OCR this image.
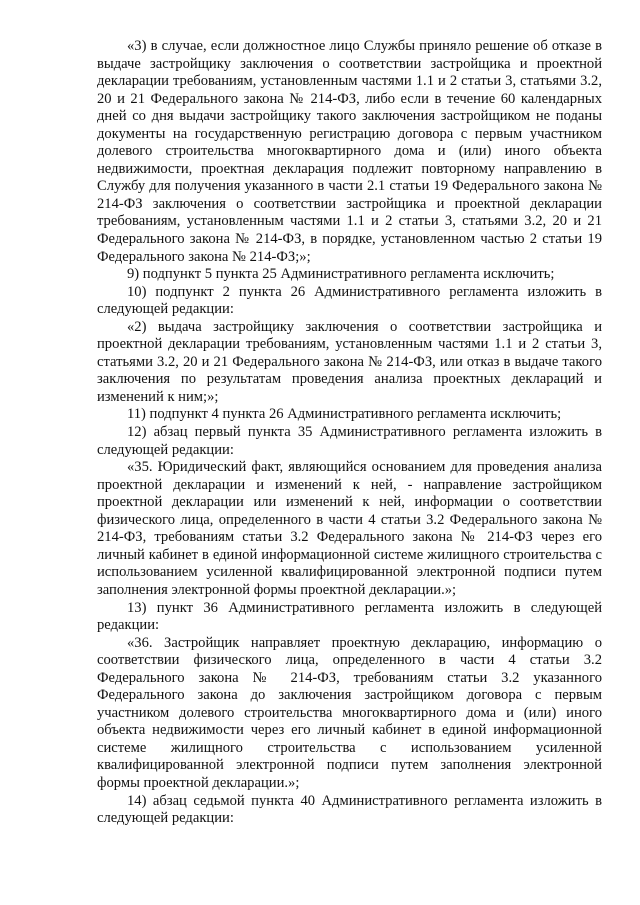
«3) в случае, если должностное лицо Службы приняло решение об отказе в выдаче застройщику заключения о соответствии застройщика и проектной декларации требованиям, установленным частями 1.1 и 2 статьи 3, статьями 3.2, 20 и 21 Федерального закона № 214-ФЗ, либо если в течение 60 календарных дней со дня выдачи застройщику такого заключения застройщиком не поданы документы на государственную регистрацию договора с первым участником долевого строительства многоквартирного дома и (или) иного объекта недвижимости, проектная декларация подлежит повторному направлению в Службу для получения указанного в части 2.1 статьи 19 Федерального закона № 214-ФЗ заключения о соответствии застройщика и проектной декларации требованиям, установленным частями 1.1 и 2 статьи 3, статьями 3.2, 20 и 21 Федерального закона № 214-ФЗ, в порядке, установленном частью 2 статьи 19 Федерального закона № 214-ФЗ;»;

9) подпункт 5 пункта 25 Административного регламента исключить;

10) подпункт 2 пункта 26 Административного регламента изложить в следующей редакции:

«2) выдача застройщику заключения о соответствии застройщика и проектной декларации требованиям, установленным частями 1.1 и 2 статьи 3, статьями 3.2, 20 и 21 Федерального закона № 214-ФЗ, или отказ в выдаче такого заключения по результатам проведения анализа проектных деклараций и изменений к ним;»;

11) подпункт 4 пункта 26 Административного регламента исключить;

12) абзац первый пункта 35 Административного регламента изложить в следующей редакции:

«35. Юридический факт, являющийся основанием для проведения анализа проектной декларации и изменений к ней, - направление застройщиком проектной декларации или изменений к ней, информации о соответствии физического лица, определенного в части 4 статьи 3.2 Федерального закона № 214-ФЗ, требованиям статьи 3.2 Федерального закона № 214-ФЗ через его личный кабинет в единой информационной системе жилищного строительства с использованием усиленной квалифицированной электронной подписи путем заполнения электронной формы проектной декларации.»;

13) пункт 36 Административного регламента изложить в следующей редакции:

«36. Застройщик направляет проектную декларацию, информацию о соответствии физического лица, определенного в части 4 статьи 3.2 Федерального закона № 214-ФЗ, требованиям статьи 3.2 указанного Федерального закона до заключения застройщиком договора с первым участником долевого строительства многоквартирного дома и (или) иного объекта недвижимости через его личный кабинет в единой информационной системе жилищного строительства с использованием усиленной квалифицированной электронной подписи путем заполнения электронной формы проектной декларации.»;

14) абзац седьмой пункта 40 Административного регламента изложить в следующей редакции:
